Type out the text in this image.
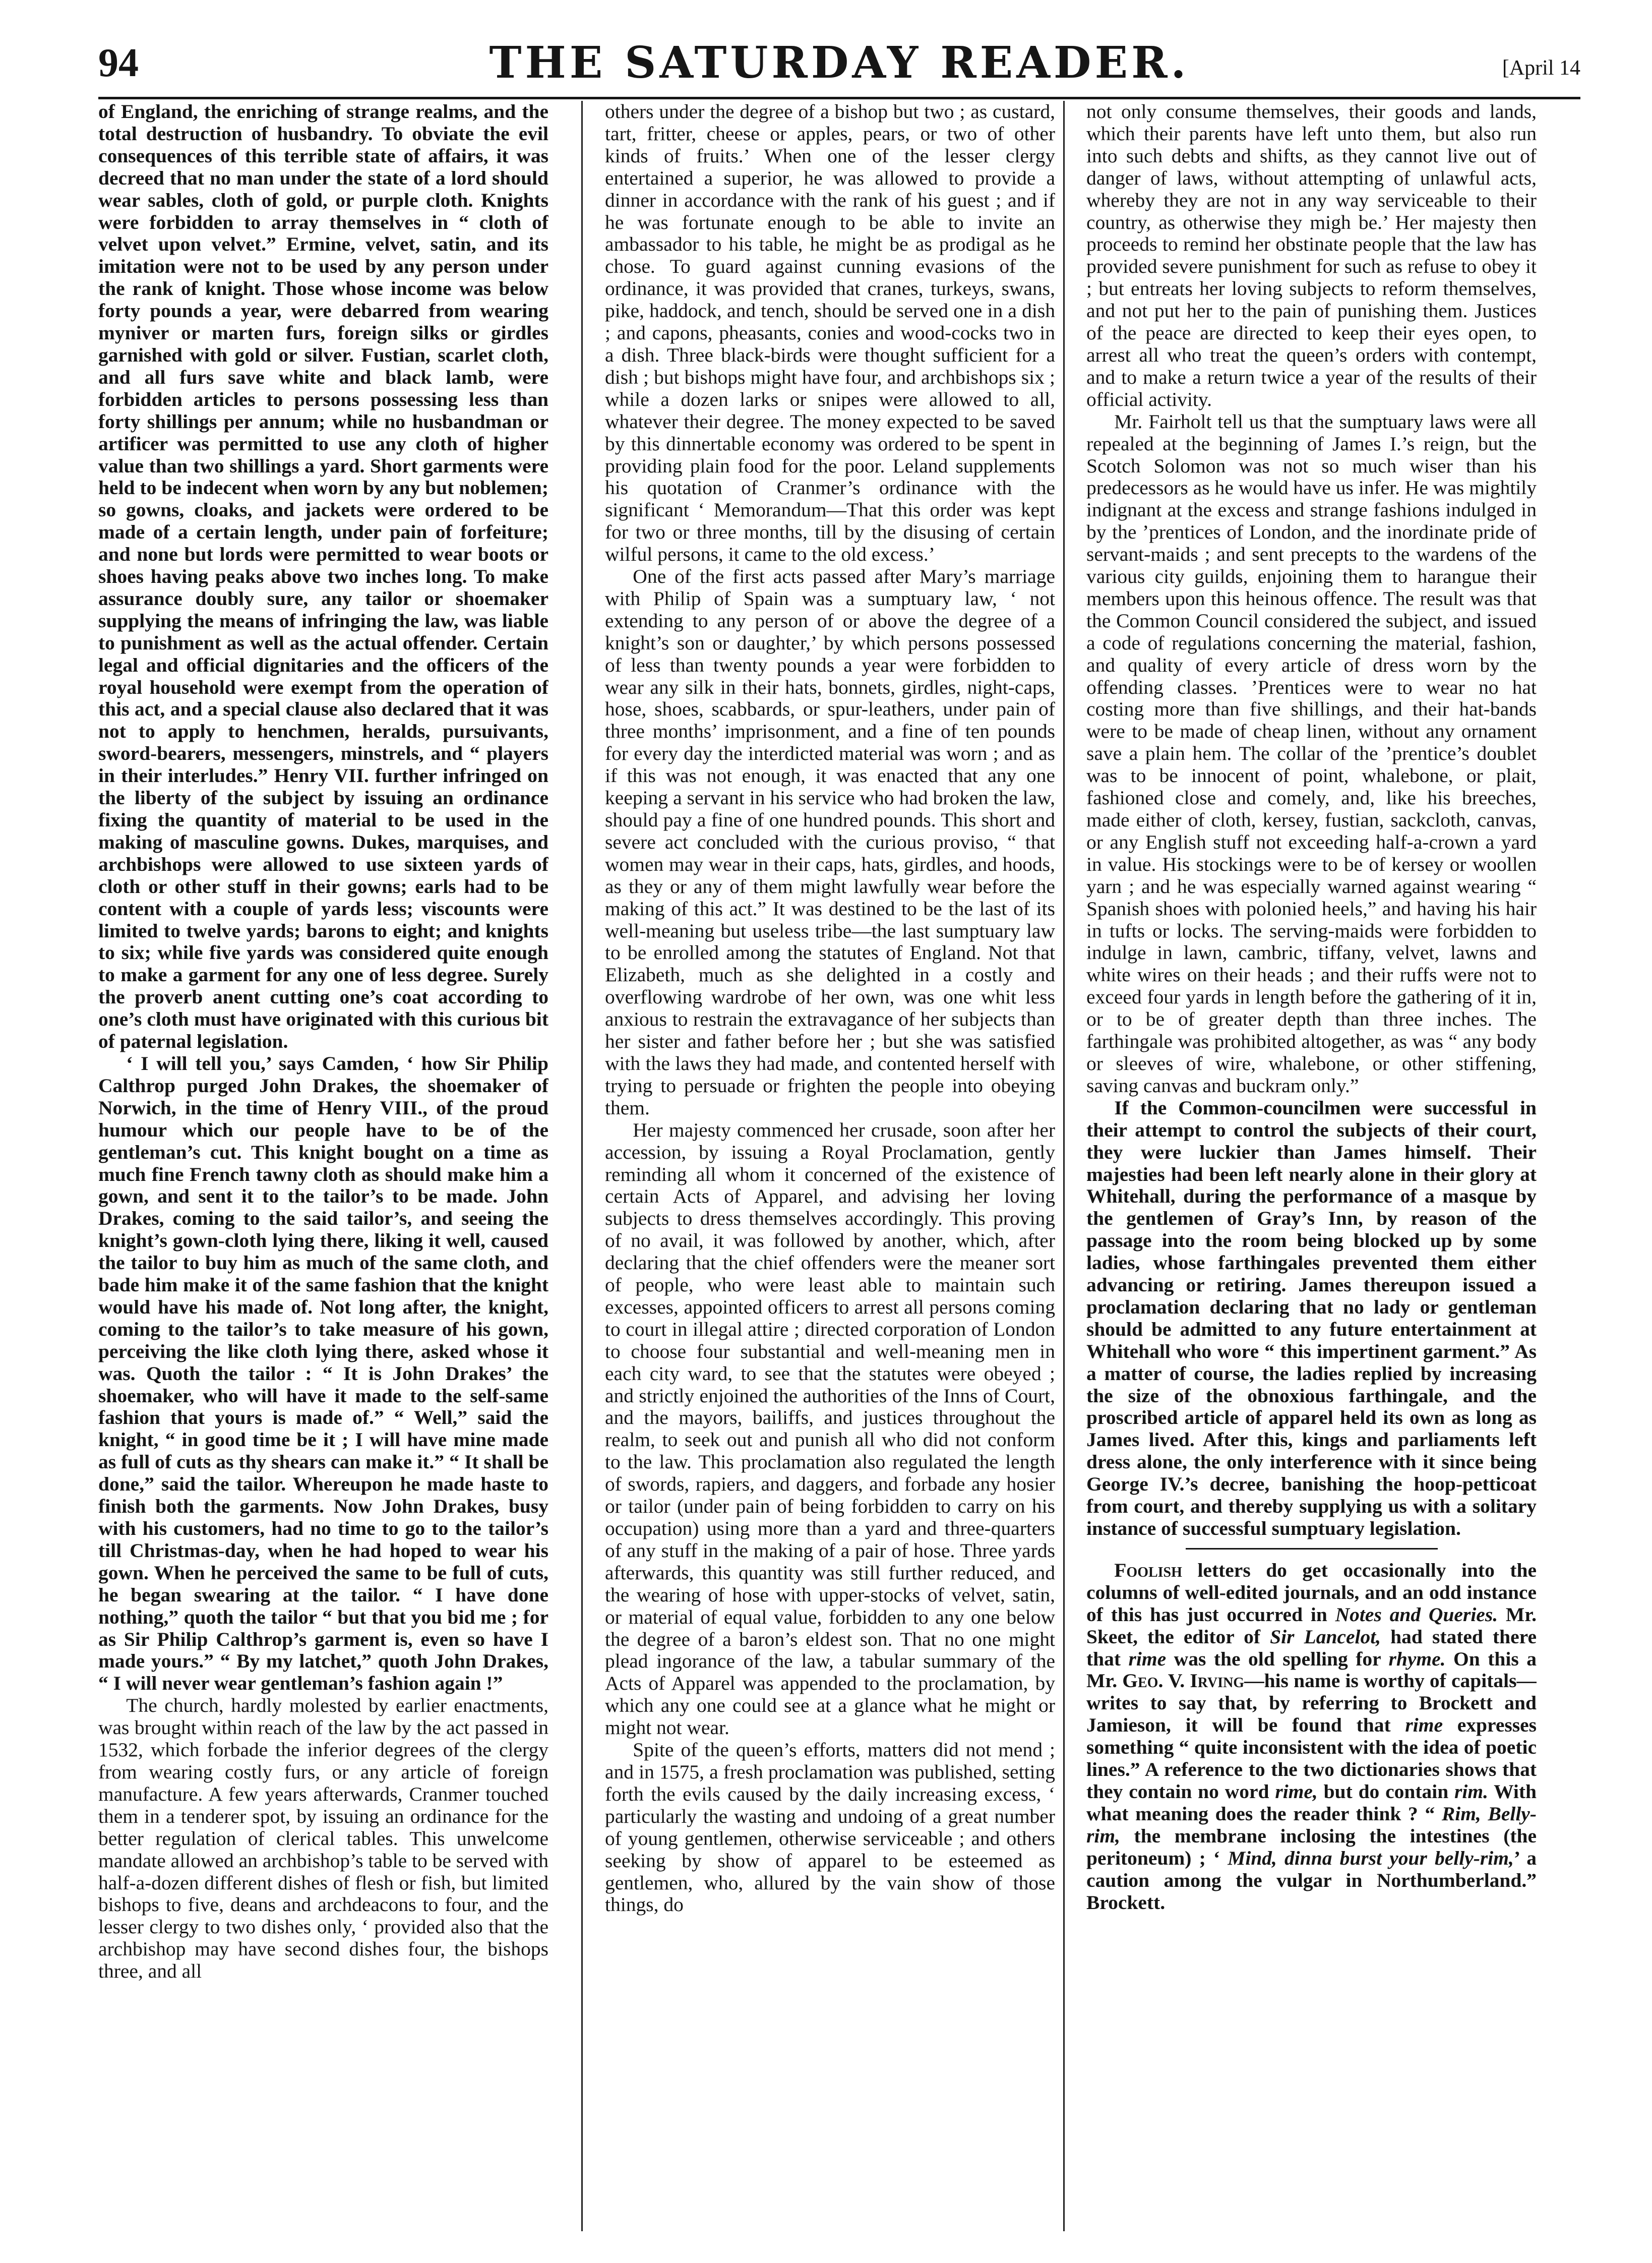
94	THE SATURDAY READER.	[April 14

of England, the enriching of strange realms, and the total destruction of husbandry. To obviate the evil consequences of this terrible state of affairs, it was decreed that no man under the state of a lord should wear sables, cloth of gold, or purple cloth. Knights were forbidden to array themselves in “ cloth of velvet upon velvet.” Ermine, velvet, satin, and its imitation were not to be used by any person under the rank of knight. Those whose income was below forty pounds a year, were debarred from wearing myniver or marten furs, foreign silks or girdles garnished with gold or silver. Fustian, scarlet cloth, and all furs save white and black lamb, were forbidden articles to persons possessing less than forty shillings per annum; while no husbandman or artificer was permitted to use any cloth of higher value than two shillings a yard. Short garments were held to be indecent when worn by any but noblemen; so gowns, cloaks, and jackets were ordered to be made of a certain length, under pain of forfeiture; and none but lords were permitted to wear boots or shoes having peaks above two inches long. To make assurance doubly sure, any tailor or shoemaker supplying the means of infringing the law, was liable to punishment as well as the actual offender. Certain legal and official dignitaries and the officers of the royal household were exempt from the operation of this act, and a special clause also declared that it was not to apply to henchmen, heralds, pursuivants, sword-bearers, messengers, minstrels, and “ players in their interludes.” Henry VII. further infringed on the liberty of the subject by issuing an ordinance fixing the quantity of material to be used in the making of masculine gowns. Dukes, marquises, and archbishops were allowed to use sixteen yards of cloth or other stuff in their gowns; earls had to be content with a couple of yards less; viscounts were limited to twelve yards; barons to eight; and knights to six; while five yards was considered quite enough to make a garment for any one of less degree. Surely the proverb anent cutting one’s coat according to one’s cloth must have originated with this curious bit of paternal legislation.

‘ I will tell you,’ says Camden, ‘ how Sir Philip Calthrop purged John Drakes, the shoemaker of Norwich, in the time of Henry VIII., of the proud humour which our people have to be of the gentleman’s cut. This knight bought on a time as much fine French tawny cloth as should make him a gown, and sent it to the tailor’s to be made. John Drakes, coming to the said tailor’s, and seeing the knight’s gown-cloth lying there, liking it well, caused the tailor to buy him as much of the same cloth, and bade him make it of the same fashion that the knight would have his made of. Not long after, the knight, coming to the tailor’s to take measure of his gown, perceiving the like cloth lying there, asked whose it was. Quoth the tailor : “ It is John Drakes’ the shoemaker, who will have it made to the self-same fashion that yours is made of.” “ Well,” said the knight, “ in good time be it ; I will have mine made as full of cuts as thy shears can make it.” “ It shall be done,” said the tailor. Whereupon he made haste to finish both the garments. Now John Drakes, busy with his customers, had no time to go to the tailor’s till Christmas-day, when he had hoped to wear his gown. When he perceived the same to be full of cuts, he began swearing at the tailor. “ I have done nothing,” quoth the tailor “ but that you bid me ; for as Sir Philip Calthrop’s garment is, even so have I made yours.” “ By my latchet,” quoth John Drakes, “ I will never wear gentleman’s fashion again !”

The church, hardly molested by earlier enactments, was brought within reach of the law by the act passed in 1532, which forbade the inferior degrees of the clergy from wearing costly furs, or any article of foreign manufacture. A few years afterwards, Cranmer touched them in a tenderer spot, by issuing an ordinance for the better regulation of clerical tables. This unwelcome mandate allowed an archbishop’s table to be served with half-a-dozen different dishes of flesh or fish, but limited bishops to five, deans and archdeacons to four, and the lesser clergy to two dishes only, ‘ provided also that the archbishop may have second dishes four, the bishops three, and all

others under the degree of a bishop but two ; as custard, tart, fritter, cheese or apples, pears, or two of other kinds of fruits.’ When one of the lesser clergy entertained a superior, he was allowed to provide a dinner in accordance with the rank of his guest ; and if he was fortunate enough to be able to invite an ambassador to his table, he might be as prodigal as he chose. To guard against cunning evasions of the ordinance, it was provided that cranes, turkeys, swans, pike, haddock, and tench, should be served one in a dish ; and capons, pheasants, conies and wood-cocks two in a dish. Three black-birds were thought sufficient for a dish ; but bishops might have four, and archbishops six ; while a dozen larks or snipes were allowed to all, whatever their degree. The money expected to be saved by this dinnertable economy was ordered to be spent in providing plain food for the poor. Leland supplements his quotation of Cranmer’s ordinance with the significant ‘ Memorandum—That this order was kept for two or three months, till by the disusing of certain wilful persons, it came to the old excess.’

One of the first acts passed after Mary’s marriage with Philip of Spain was a sumptuary law, ‘ not extending to any person of or above the degree of a knight’s son or daughter,’ by which persons possessed of less than twenty pounds a year were forbidden to wear any silk in their hats, bonnets, girdles, night-caps, hose, shoes, scabbards, or spur-leathers, under pain of three months’ imprisonment, and a fine of ten pounds for every day the interdicted material was worn ; and as if this was not enough, it was enacted that any one keeping a servant in his service who had broken the law, should pay a fine of one hundred pounds. This short and severe act concluded with the curious proviso, “ that women may wear in their caps, hats, girdles, and hoods, as they or any of them might lawfully wear before the making of this act.” It was destined to be the last of its well-meaning but useless tribe—the last sumptuary law to be enrolled among the statutes of England. Not that Elizabeth, much as she delighted in a costly and overflowing wardrobe of her own, was one whit less anxious to restrain the extravagance of her subjects than her sister and father before her ; but she was satisfied with the laws they had made, and contented herself with trying to persuade or frighten the people into obeying them.

Her majesty commenced her crusade, soon after her accession, by issuing a Royal Proclamation, gently reminding all whom it concerned of the existence of certain Acts of Apparel, and advising her loving subjects to dress themselves accordingly. This proving of no avail, it was followed by another, which, after declaring that the chief offenders were the meaner sort of people, who were least able to maintain such excesses, appointed officers to arrest all persons coming to court in illegal attire ; directed corporation of London to choose four substantial and well-meaning men in each city ward, to see that the statutes were obeyed ; and strictly enjoined the authorities of the Inns of Court, and the mayors, bailiffs, and justices throughout the realm, to seek out and punish all who did not conform to the law. This proclamation also regulated the length of swords, rapiers, and daggers, and forbade any hosier or tailor (under pain of being forbidden to carry on his occupation) using more than a yard and three-quarters of any stuff in the making of a pair of hose. Three yards afterwards, this quantity was still further reduced, and the wearing of hose with upper-stocks of velvet, satin, or material of equal value, forbidden to any one below the degree of a baron’s eldest son. That no one might plead ingorance of the law, a tabular summary of the Acts of Apparel was appended to the proclamation, by which any one could see at a glance what he might or might not wear.

Spite of the queen’s efforts, matters did not mend ; and in 1575, a fresh proclamation was published, setting forth the evils caused by the daily increasing excess, ‘ particularly the wasting and undoing of a great number of young gentlemen, otherwise serviceable ; and others seeking by show of apparel to be esteemed as gentlemen, who, allured by the vain show of those things, do

not only consume themselves, their goods and lands, which their parents have left unto them, but also run into such debts and shifts, as they cannot live out of danger of laws, without attempting of unlawful acts, whereby they are not in any way serviceable to their country, as otherwise they migh be.’ Her majesty then proceeds to remind her obstinate people that the law has provided severe punishment for such as refuse to obey it ; but entreats her loving subjects to reform themselves, and not put her to the pain of punishing them. Justices of the peace are directed to keep their eyes open, to arrest all who treat the queen’s orders with contempt, and to make a return twice a year of the results of their official activity.

Mr. Fairholt tell us that the sumptuary laws were all repealed at the beginning of James I.’s reign, but the Scotch Solomon was not so much wiser than his predecessors as he would have us infer. He was mightily indignant at the excess and strange fashions indulged in by the ’prentices of London, and the inordinate pride of servant-maids ; and sent precepts to the wardens of the various city guilds, enjoining them to harangue their members upon this heinous offence. The result was that the Common Council considered the subject, and issued a code of regulations concerning the material, fashion, and quality of every article of dress worn by the offending classes. ’Prentices were to wear no hat costing more than five shillings, and their hat-bands were to be made of cheap linen, without any ornament save a plain hem. The collar of the ’prentice’s doublet was to be innocent of point, whalebone, or plait, fashioned close and comely, and, like his breeches, made either of cloth, kersey, fustian, sackcloth, canvas, or any English stuff not exceeding half-a-crown a yard in value. His stockings were to be of kersey or woollen yarn ; and he was especially warned against wearing “ Spanish shoes with polonied heels,” and having his hair in tufts or locks. The serving-maids were forbidden to indulge in lawn, cambric, tiffany, velvet, lawns and white wires on their heads ; and their ruffs were not to exceed four yards in length before the gathering of it in, or to be of greater depth than three inches. The farthingale was prohibited altogether, as was “ any body or sleeves of wire, whalebone, or other stiffening, saving canvas and buckram only.”

If the Common-councilmen were successful in their attempt to control the subjects of their court, they were luckier than James himself. Their majesties had been left nearly alone in their glory at Whitehall, during the performance of a masque by the gentlemen of Gray’s Inn, by reason of the passage into the room being blocked up by some ladies, whose farthingales prevented them either advancing or retiring. James thereupon issued a proclamation declaring that no lady or gentleman should be admitted to any future entertainment at Whitehall who wore “ this impertinent garment.” As a matter of course, the ladies replied by increasing the size of the obnoxious farthingale, and the proscribed article of apparel held its own as long as James lived. After this, kings and parliaments left dress alone, the only interference with it since being George IV.’s decree, banishing the hoop-petticoat from court, and thereby supplying us with a solitary instance of successful sumptuary legislation.

Foolish letters do get occasionally into the columns of well-edited journals, and an odd instance of this has just occurred in Notes and Queries. Mr. Skeet, the editor of Sir Lancelot, had stated there that rime was the old spelling for rhyme. On this a Mr. Geo. V. Irving—his name is worthy of capitals—writes to say that, by referring to Brockett and Jamieson, it will be found that rime expresses something “ quite inconsistent with the idea of poetic lines.” A reference to the two dictionaries shows that they contain no word rime, but do contain rim. With what meaning does the reader think ? “ Rim, Belly-rim, the membrane inclosing the intestines (the peritoneum) ; ‘ Mind, dinna burst your belly-rim,’ a caution among the vulgar in Northumberland.” Brockett.
